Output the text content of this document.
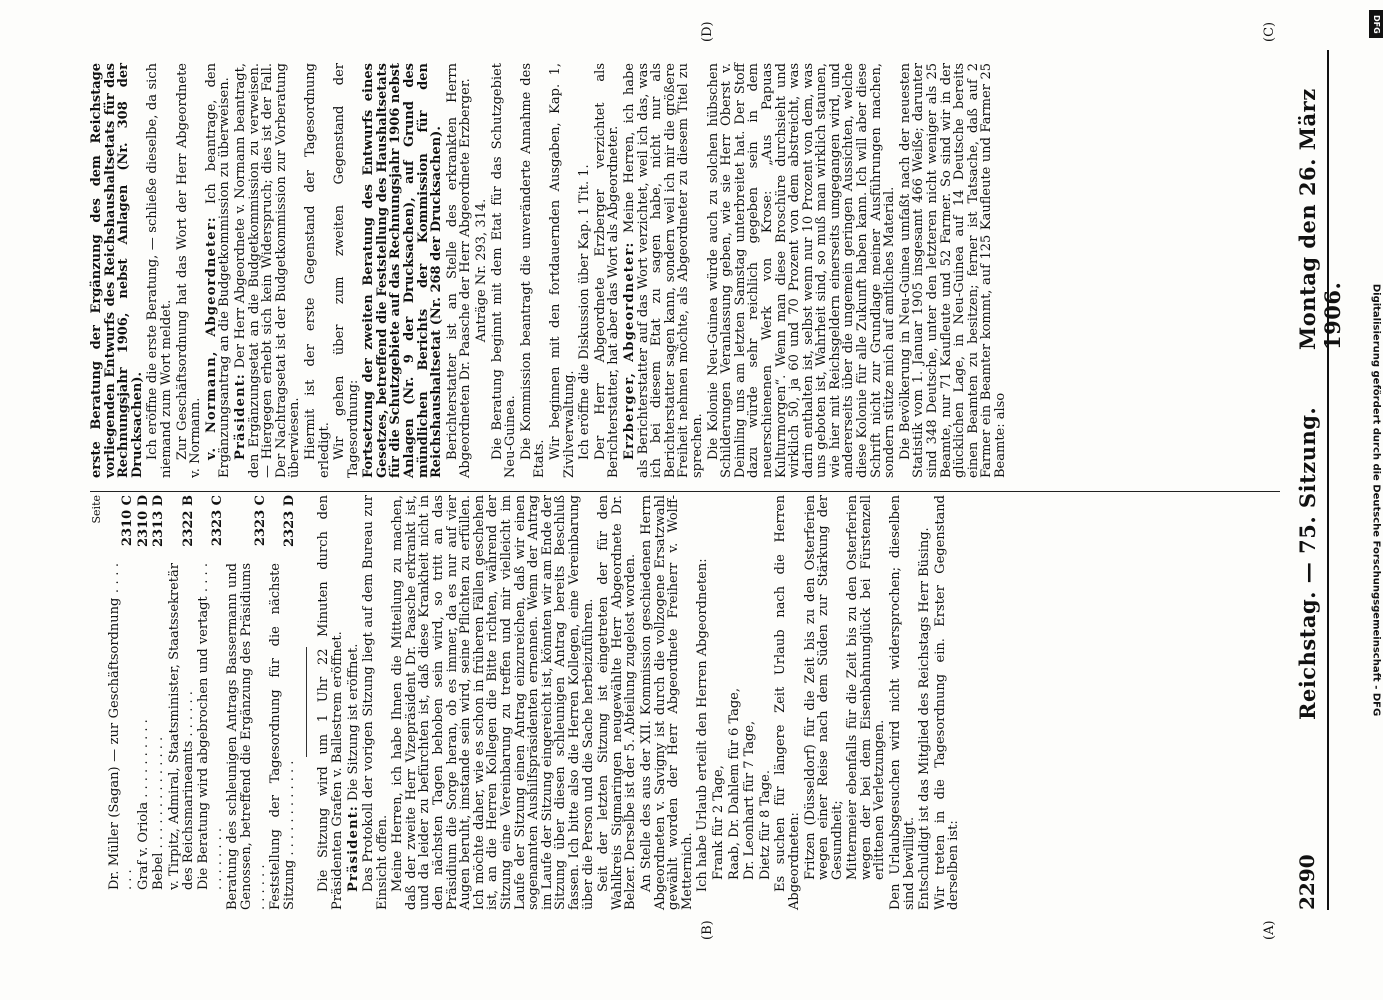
2290
Reichstag. — 75. Sitzung.
Montag den 26. März 1906.
(A)
(B)
(C)
(D)
Seite
Dr. Müller (Sagan) — zur Geschäftsordnung . . . . . . .
2310 C
Graf v. Oriola . . . . . . . . . .
2310 D
Bebel . . . . . . . . . . . . . .
2313 D
v. Tirpitz, Admiral, Staatsminister, Staatssekretär des Reichsmarineamts . . . . . .
2322 B
Die Beratung wird abgebrochen und vertagt . . . . . . . . . . . .
2323 C
Beratung des schleunigen Antrags Bassermann und Genossen, betreffend die Ergänzung des Präsidiums . . . . . .
2323 C
Feststellung der Tagesordnung für die nächste Sitzung . . . . . . . . . . . .
2323 D Die Sitzung wird um 1 Uhr 22 Minuten durch den Präsidenten Grafen v. Ballestrem eröffnet. Präsident: Die Sitzung ist eröffnet. Das Protokoll der vorigen Sitzung liegt auf dem Bureau zur Einsicht offen. Meine Herren, ich habe Ihnen die Mitteilung zu machen, daß der zweite Herr Vizepräsident Dr. Paasche erkrankt ist, und da leider zu befürchten ist, daß diese Krankheit nicht in den nächsten Tagen behoben sein wird, so tritt an das Präsidium die Sorge heran, ob es immer, da es nur auf vier Augen beruht, imstande sein wird, seine Pflichten zu erfüllen. Ich möchte daher, wie es schon in früheren Fällen geschehen ist, an die Herren Kollegen die Bitte richten, während der Sitzung eine Vereinbarung zu treffen und mir vielleicht im Laufe der Sitzung einen Antrag einzureichen, daß wir einen sogenannten Aushilfspräsidenten ernennen. Wenn der Antrag im Laufe der Sitzung eingereicht ist, könnten wir am Ende der Sitzung über diesen schleunigen Antrag bereits Beschluß fassen. Ich bitte also die Herren Kollegen, eine Vereinbarung über die Person und die Sache herbeizuführen. Seit der letzten Sitzung ist eingetreten der für den Wahlkreis Sigmaringen neugewählte Herr Abgeordnete Dr. Belzer. Derselbe ist der 5. Abteilung zugelost worden. An Stelle des aus der XII. Kommission geschiedenen Herrn Abgeordneten v. Savigny ist durch die vollzogene Ersatzwahl gewählt worden der Herr Abgeordnete Freiherr v. Wolff-Metternich. Ich habe Urlaub erteilt den Herren Abgeordneten: Frank für 2 Tage, Raab, Dr. Dahlem für 6 Tage, Dr. Leonhart für 7 Tage, Dietz für 8 Tage. Es suchen für längere Zeit Urlaub nach die Herren Abgeordneten: Fritzen (Düsseldorf) für die Zeit bis zu den Osterferien wegen einer Reise nach dem Süden zur Stärkung der Gesundheit; Mittermeier ebenfalls für die Zeit bis zu den Osterferien wegen der bei dem Eisenbahnunglück bei Fürstenzell erlittenen Verletzungen. Den Urlaubsgesuchen wird nicht widersprochen; dieselben sind bewilligt. Entschuldigt ist das Mitglied des Reichstags Herr Büsing. Wir treten in die Tagesordnung ein. Erster Gegenstand derselben ist:

erste Beratung der Ergänzung des dem Reichstage vorliegenden Entwurfs des Reichshaushaltsetats für das Rechnungsjahr 1906, nebst Anlagen (Nr. 308 der Drucksachen). Ich eröffne die erste Beratung, — schließe dieselbe, da sich niemand zum Wort meldet. Zur Geschäftsordnung hat das Wort der Herr Abgeordnete v. Normann. v. Normann, Abgeordneter: Ich beantrage, den Ergänzungsantrag an die Budgetkommission zu überweisen. Präsident: Der Herr Abgeordnete v. Normann beantragt, den Ergänzungsetat an die Budgetkommission zu verweisen. — Hiergegen erhebt sich kein Widerspruch; dies ist der Fall. Der Nachtragsetat ist der Budgetkommission zur Vorberatung überwiesen. Hiermit ist der erste Gegenstand der Tagesordnung erledigt. Wir gehen über zum zweiten Gegenstand der Tagesordnung: Fortsetzung der zweiten Beratung des Entwurfs eines Gesetzes, betreffend die Feststellung des Haushaltsetats für die Schutzgebiete auf das Rechnungsjahr 1906 nebst Anlagen (Nr. 9 der Drucksachen), auf Grund des mündlichen Berichts der Kommission für den Reichshaushaltsetat (Nr. 268 der Drucksachen). Berichterstatter ist an Stelle des erkrankten Herrn Abgeordneten Dr. Paasche der Herr Abgeordnete Erzberger. Anträge Nr. 293, 314. Die Beratung beginnt mit dem Etat für das Schutzgebiet Neu-Guinea. Die Kommission beantragt die unveränderte Annahme des Etats. Wir beginnen mit den fortdauernden Ausgaben, Kap. 1, Zivilverwaltung. Ich eröffne die Diskussion über Kap. 1 Tit. 1. Der Herr Abgeordnete Erzberger verzichtet als Berichterstatter, hat aber das Wort als Abgeordneter. Erzberger, Abgeordneter: Meine Herren, ich habe als Berichterstatter auf das Wort verzichtet, weil ich das, was ich bei diesem Etat zu sagen habe, nicht nur als Berichterstatter sagen kann, sondern weil ich mir die größere Freiheit nehmen möchte, als Abgeordneter zu diesem Titel zu sprechen. Die Kolonie Neu-Guinea würde auch zu solchen hübschen Schilderungen Veranlassung geben, wie sie Herr Oberst v. Deimling uns am letzten Samstag unterbreitet hat. Der Stoff dazu würde sehr reichlich gegeben sein in dem neuerschienenen Werk von Krose: „Aus Papuas Kulturmorgen“. Wenn man diese Broschüre durchsieht und wirklich 50, ja 60 und 70 Prozent von dem abstreicht, was darin enthalten ist, selbst wenn nur 10 Prozent von dem, was uns geboten ist, Wahrheit sind, so muß man wirklich staunen, wie hier mit Reichsgeldern einerseits umgegangen wird, und andererseits über die ungemein geringen Aussichten, welche diese Kolonie für alle Zukunft haben kann. Ich will aber diese Schrift nicht zur Grundlage meiner Ausführungen machen, sondern stütze mich auf amtliches Material. Die Bevölkerung in Neu-Guinea umfaßt nach der neuesten Statistik vom 1. Januar 1905 insgesamt 466 Weiße; darunter sind 348 Deutsche, unter den letzteren nicht weniger als 25 Beamte, nur 71 Kaufleute und 52 Farmer. So sind wir in der glücklichen Lage, in Neu-Guinea auf 14 Deutsche bereits einen Beamten zu besitzen; ferner ist Tatsache, daß auf 2 Farmer ein Beamter kommt, auf 125 Kaufleute und Farmer 25 Beamte: also	Digitalisierung gefördert durch die Deutsche Forschungsgemeinschaft - DFG
DFG
